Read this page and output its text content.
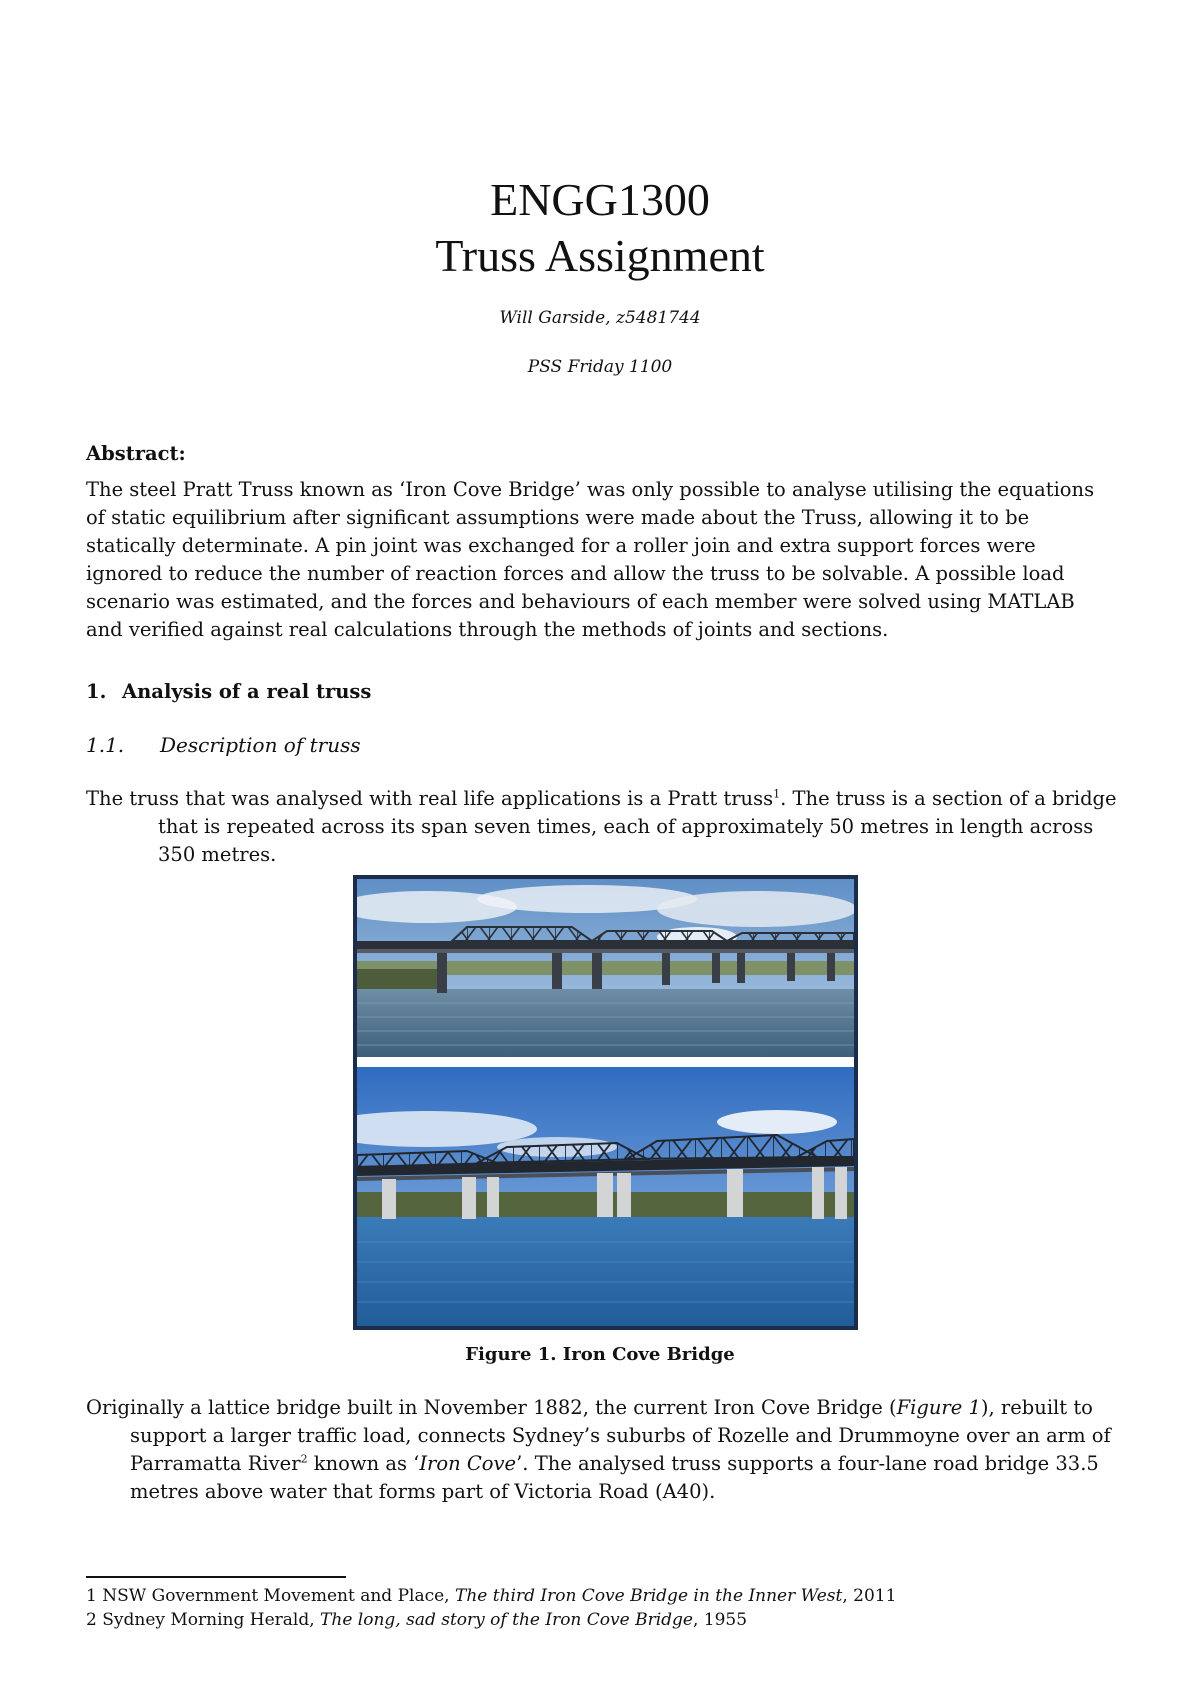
ENGG1300
Truss Assignment
Will Garside, z5481744
PSS Friday 1100
Abstract:
The steel Pratt Truss known as ‘Iron Cove Bridge’ was only possible to analyse utilising the equations of static equilibrium after significant assumptions were made about the Truss, allowing it to be statically determinate. A pin joint was exchanged for a roller join and extra support forces were ignored to reduce the number of reaction forces and allow the truss to be solvable. A possible load scenario was estimated, and the forces and behaviours of each member were solved using MATLAB and verified against real calculations through the methods of joints and sections.
1. Analysis of a real truss
1.1. Description of truss
The truss that was analysed with real life applications is a Pratt truss$^1$. The truss is a section of a bridge
that is repeated across its span seven times, each of approximately 50 metres in length across 350 metres.
Figure 1. Iron Cove Bridge
Originally a lattice bridge built in November 1882, the current Iron Cove Bridge (Figure 1), rebuilt to
support a larger traffic load, connects Sydney’s suburbs of Rozelle and Drummoyne over an arm of Parramatta River$^2$ known as ‘Iron Cove’. The analysed truss supports a four-lane road bridge 33.5 metres above water that forms part of Victoria Road (A40).
1 NSW Government Movement and Place, The third Iron Cove Bridge in the Inner West, 2011
2 Sydney Morning Herald, The long, sad story of the Iron Cove Bridge, 1955
